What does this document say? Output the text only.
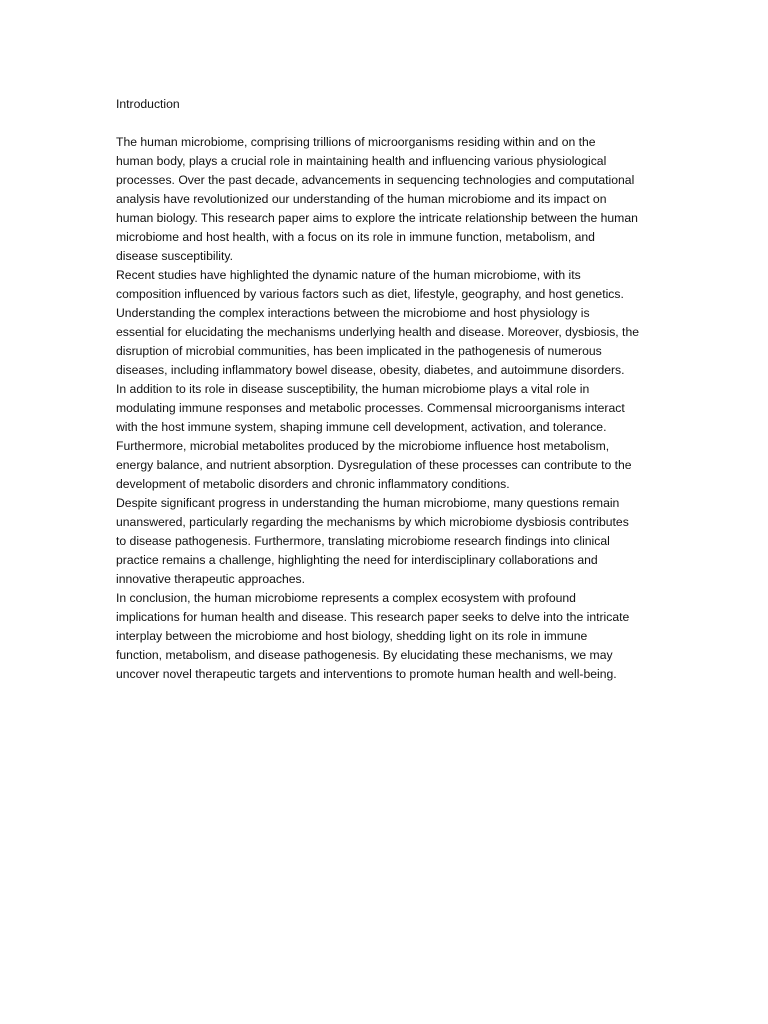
Introduction

The human microbiome, comprising trillions of microorganisms residing within and on the
human body, plays a crucial role in maintaining health and influencing various physiological
processes. Over the past decade, advancements in sequencing technologies and computational
analysis have revolutionized our understanding of the human microbiome and its impact on
human biology. This research paper aims to explore the intricate relationship between the human
microbiome and host health, with a focus on its role in immune function, metabolism, and
disease susceptibility.

Recent studies have highlighted the dynamic nature of the human microbiome, with its
composition influenced by various factors such as diet, lifestyle, geography, and host genetics.
Understanding the complex interactions between the microbiome and host physiology is
essential for elucidating the mechanisms underlying health and disease. Moreover, dysbiosis, the
disruption of microbial communities, has been implicated in the pathogenesis of numerous
diseases, including inflammatory bowel disease, obesity, diabetes, and autoimmune disorders.

In addition to its role in disease susceptibility, the human microbiome plays a vital role in
modulating immune responses and metabolic processes. Commensal microorganisms interact
with the host immune system, shaping immune cell development, activation, and tolerance.
Furthermore, microbial metabolites produced by the microbiome influence host metabolism,
energy balance, and nutrient absorption. Dysregulation of these processes can contribute to the
development of metabolic disorders and chronic inflammatory conditions.

Despite significant progress in understanding the human microbiome, many questions remain
unanswered, particularly regarding the mechanisms by which microbiome dysbiosis contributes
to disease pathogenesis. Furthermore, translating microbiome research findings into clinical
practice remains a challenge, highlighting the need for interdisciplinary collaborations and
innovative therapeutic approaches.

In conclusion, the human microbiome represents a complex ecosystem with profound
implications for human health and disease. This research paper seeks to delve into the intricate
interplay between the microbiome and host biology, shedding light on its role in immune
function, metabolism, and disease pathogenesis. By elucidating these mechanisms, we may
uncover novel therapeutic targets and interventions to promote human health and well-being.
